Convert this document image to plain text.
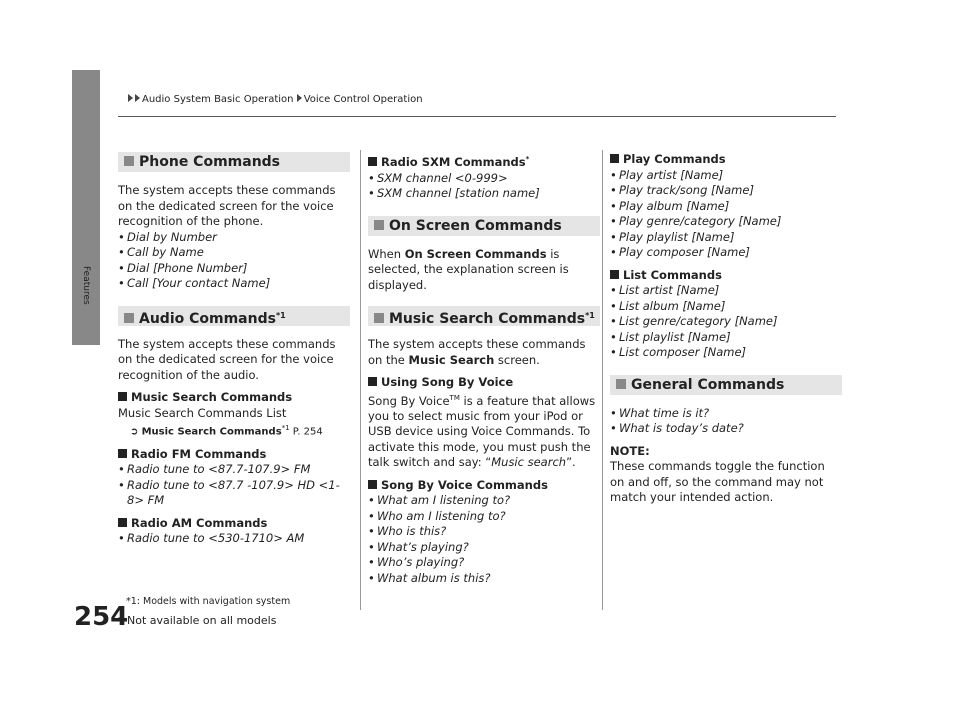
Audio System Basic Operation Voice Control Operation
Features
254
Phone Commands

The system accepts these commands on the dedicated screen for the voice recognition of the phone.

• Dial by Number
• Call by Name
• Dial [Phone Number]
• Call [Your contact Name]
Audio Commands$^{*1}$

The system accepts these commands on the dedicated screen for the voice recognition of the audio.

Music Search Commands

Music Search Commands List

➲ Music Search Commands$^{*1}$ P. 254
Radio FM Commands
• Radio tune to <87.7-107.9> FM
• Radio tune to <87.7 -107.9> HD <1-8> FM
Radio AM Commands
• Radio tune to <530-1710> AM
Radio SXM Commands*
• SXM channel <0-999>
• SXM channel [station name]
On Screen Commands

When On Screen Commands is selected, the explanation screen is displayed.

Music Search Commands$^{*1}$

The system accepts these commands on the Music Search screen.

Using Song By Voice

Song By Voice™ is a feature that allows you to select music from your iPod or USB device using Voice Commands. To activate this mode, you must push the talk switch and say: “Music search”.

Song By Voice Commands
• What am I listening to?
• Who am I listening to?
• Who is this?
• What’s playing?
• Who’s playing?
• What album is this?
Play Commands
• Play artist [Name]
• Play track/song [Name]
• Play album [Name]
• Play genre/category [Name]
• Play playlist [Name]
• Play composer [Name]
List Commands
• List artist [Name]
• List album [Name]
• List genre/category [Name]
• List playlist [Name]
• List composer [Name]
General Commands
• What time is it?
• What is today’s date?

NOTE:

These commands toggle the function on and off, so the command may not match your intended action.

*1: Models with navigation system
* Not available on all models
